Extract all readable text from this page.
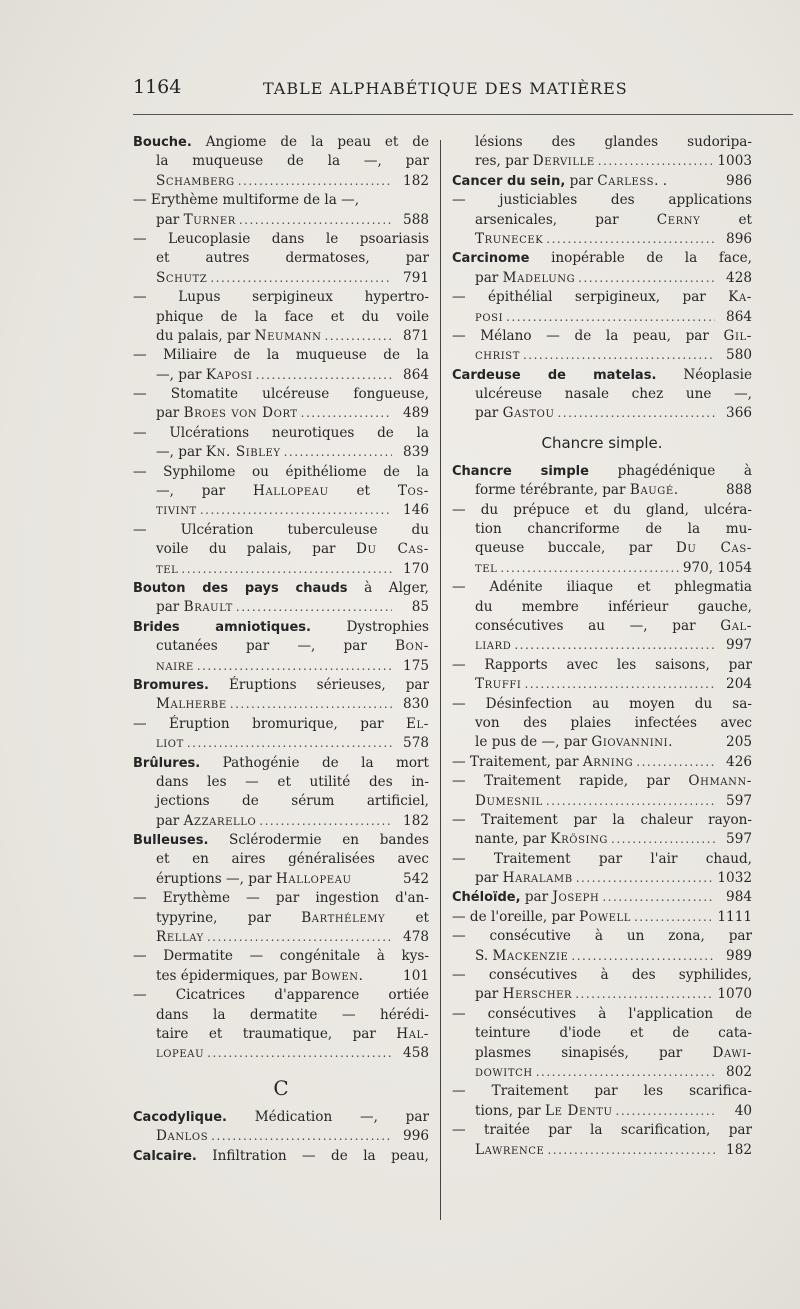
1164	TABLE ALPHABÉTIQUE DES MATIÈRES
Bouche. Angiome de la peau et de
la muqueuse de la —, par
Schamberg .....	182
— Erythème multiforme de la —,
par Turner .....	588
— Leucoplasie dans le psoariasis
et autres dermatoses, par
Schutz .....	791
— Lupus serpigineux hypertro-
phique de la face et du voile
du palais, par Neumann .....	871
— Miliaire de la muqueuse de la
—, par Kaposi .....	864
— Stomatite ulcéreuse fongueuse,
par Broes von Dort .....	489
— Ulcérations neurotiques de la
—, par Kn. Sibley .....	839
— Syphilome ou épithéliome de la
—, par Hallopeau et Tos-
tivint .....	146
— Ulcération tuberculeuse du
voile du palais, par Du Cas-
tel .....	170
Bouton des pays chauds à Alger,
par Brault .....	85
Brides amniotiques. Dystrophies
cutanées par —, par Bon-
naire .....	175
Bromures. Éruptions sérieuses, par
Malherbe .....	830
— Éruption bromurique, par El-
liot .....	578
Brûlures. Pathogénie de la mort
dans les — et utilité des in-
jections de sérum artificiel,
par Azzarello .....	182
Bulleuses. Sclérodermie en bandes
et en aires généralisées avec
éruptions —, par Hallopeau	542
— Erythème — par ingestion d'an-
typyrine, par Barthélemy et
Rellay .....	478
— Dermatite — congénitale à kys-
tes épidermiques, par Bowen.	101
— Cicatrices d'apparence ortiée
dans la dermatite — hérédi-
taire et traumatique, par Hal-
lopeau .....	458
C
Cacodylique. Médication —, par
Danlos .....	996
Calcaire. Infiltration — de la peau,
lésions des glandes sudoripa-
res, par Derville .....	1003
Cancer du sein, par Carless. .	986
— justiciables des applications
arsenicales, par Cerny et
Trunecek .....	896
Carcinome inopérable de la face,
par Madelung .....	428
— épithélial serpigineux, par Ka-
posi .....	864
— Mélano — de la peau, par Gil-
christ .....	580
Cardeuse de matelas. Néoplasie
ulcéreuse nasale chez une —,
par Gastou .....	366
Chancre simple.
Chancre simple phagédénique à
forme térébrante, par Baugé.	888
— du prépuce et du gland, ulcéra-
tion chancriforme de la mu-
queuse buccale, par Du Cas-
tel .....	970, 1054
— Adénite iliaque et phlegmatia
du membre inférieur gauche,
consécutives au —, par Gal-
liard .....	997
— Rapports avec les saisons, par
Truffi .....	204
— Désinfection au moyen du sa-
von des plaies infectées avec
le pus de —, par Giovannini.	205
— Traitement, par Arning .....	426
— Traitement rapide, par Ohmann-
Dumesnil .....	597
— Traitement par la chaleur rayon-
nante, par Krösing .....	597
— Traitement par l'air chaud,
par Haralamb .....	1032
Chéloïde, par Joseph .....	984
— de l'oreille, par Powell .....	1111
— consécutive à un zona, par
S. Mackenzie .....	989
— consécutives à des syphilides,
par Herscher .....	1070
— consécutives à l'application de
teinture d'iode et de cata-
plasmes sinapisés, par Dawi-
dowitch .....	802
— Traitement par les scarifica-
tions, par Le Dentu .....	40
— traitée par la scarification, par
Lawrence .....	182
